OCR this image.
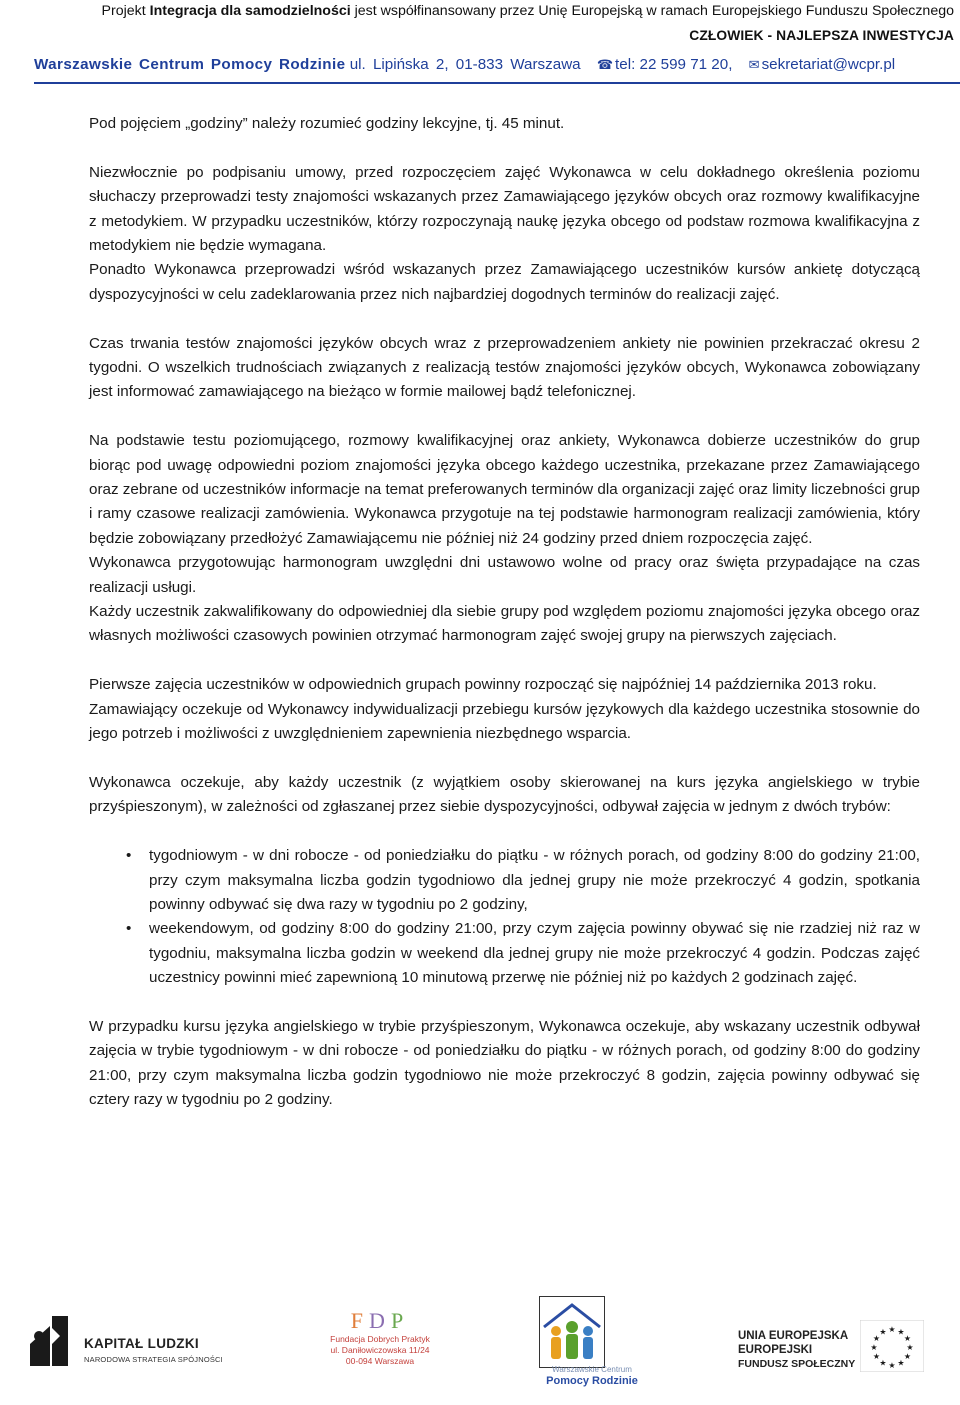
Projekt Integracja dla samodzielności jest współfinansowany przez Unię Europejską w ramach Europejskiego Funduszu Społecznego
CZŁOWIEK - NAJLEPSZA INWESTYCJA
Warszawskie Centrum Pomocy Rodzinie ul. Lipińska 2, 01-833 Warszawa ☎ tel: 22 599 71 20, ✉ sekretariat@wcpr.pl

Pod pojęciem „godziny” należy rozumieć godziny lekcyjne, tj. 45 minut.

Niezwłocznie po podpisaniu umowy, przed rozpoczęciem zajęć Wykonawca w celu dokładnego określenia poziomu słuchaczy przeprowadzi testy znajomości wskazanych przez Zamawiającego języków obcych oraz rozmowy kwalifikacyjne z metodykiem. W przypadku uczestników, którzy rozpoczynają naukę języka obcego od podstaw rozmowa kwalifikacyjna z metodykiem nie będzie wymagana.

Ponadto Wykonawca przeprowadzi wśród wskazanych przez Zamawiającego uczestników kursów ankietę dotyczącą dyspozycyjności w celu zadeklarowania przez nich najbardziej dogodnych terminów do realizacji zajęć.

Czas trwania testów znajomości języków obcych wraz z przeprowadzeniem ankiety nie powinien przekraczać okresu 2 tygodni. O wszelkich trudnościach związanych z realizacją testów znajomości języków obcych, Wykonawca zobowiązany jest informować zamawiającego na bieżąco w formie mailowej bądź telefonicznej.

Na podstawie testu poziomującego, rozmowy kwalifikacyjnej oraz ankiety, Wykonawca dobierze uczestników do grup biorąc pod uwagę odpowiedni poziom znajomości języka obcego każdego uczestnika, przekazane przez Zamawiającego oraz zebrane od uczestników informacje na temat preferowanych terminów dla organizacji zajęć oraz limity liczebności grup i ramy czasowe realizacji zamówienia. Wykonawca przygotuje na tej podstawie harmonogram realizacji zamówienia, który będzie zobowiązany przedłożyć Zamawiającemu nie później niż 24 godziny przed dniem rozpoczęcia zajęć.

Wykonawca przygotowując harmonogram uwzględni dni ustawowo wolne od pracy oraz święta przypadające na czas realizacji usługi.

Każdy uczestnik zakwalifikowany do odpowiedniej dla siebie grupy pod względem poziomu znajomości języka obcego oraz własnych możliwości czasowych powinien otrzymać harmonogram zajęć swojej grupy na pierwszych zajęciach.

Pierwsze zajęcia uczestników w odpowiednich grupach powinny rozpocząć się najpóźniej 14 października 2013 roku.

Zamawiający oczekuje od Wykonawcy indywidualizacji przebiegu kursów językowych dla każdego uczestnika stosownie do jego potrzeb i możliwości z uwzględnieniem zapewnienia niezbędnego wsparcia.

Wykonawca oczekuje, aby każdy uczestnik (z wyjątkiem osoby skierowanej na kurs języka angielskiego w trybie przyśpieszonym), w zależności od zgłaszanej przez siebie dyspozycyjności, odbywał zajęcia w jednym z dwóch trybów:

• tygodniowym - w dni robocze - od poniedziałku do piątku - w różnych porach, od godziny 8:00 do godziny 21:00, przy czym maksymalna liczba godzin tygodniowo dla jednej grupy nie może przekroczyć 4 godzin, spotkania powinny odbywać się dwa razy w tygodniu po 2 godziny,
• weekendowym, od godziny 8:00 do godziny 21:00, przy czym zajęcia powinny obywać się nie rzadziej niż raz w tygodniu, maksymalna liczba godzin w weekend dla jednej grupy nie może przekroczyć 4 godzin. Podczas zajęć uczestnicy powinni mieć zapewnioną 10 minutową przerwę nie później niż po każdych 2 godzinach zajęć.

W przypadku kursu języka angielskiego w trybie przyśpieszonym, Wykonawca oczekuje, aby wskazany uczestnik odbywał zajęcia w trybie tygodniowym - w dni robocze - od poniedziałku do piątku - w różnych porach, od godziny 8:00 do godziny 21:00, przy czym maksymalna liczba godzin tygodniowo nie może przekroczyć 8 godzin, zajęcia powinny odbywać się cztery razy w tygodniu po 2 godziny.

KAPITAŁ LUDZKI
NARODOWA STRATEGIA SPÓJNOŚCI
FDP
Fundacja Dobrych Praktyk
ul. Daniłowiczowska 11/24
00-094 Warszawa
Warszawskie Centrum
Pomocy Rodzinie
UNIA EUROPEJSKA
EUROPEJSKI
FUNDUSZ SPOŁECZNY
★ ★
★
★
★
★
★
★
★
★
★
★
